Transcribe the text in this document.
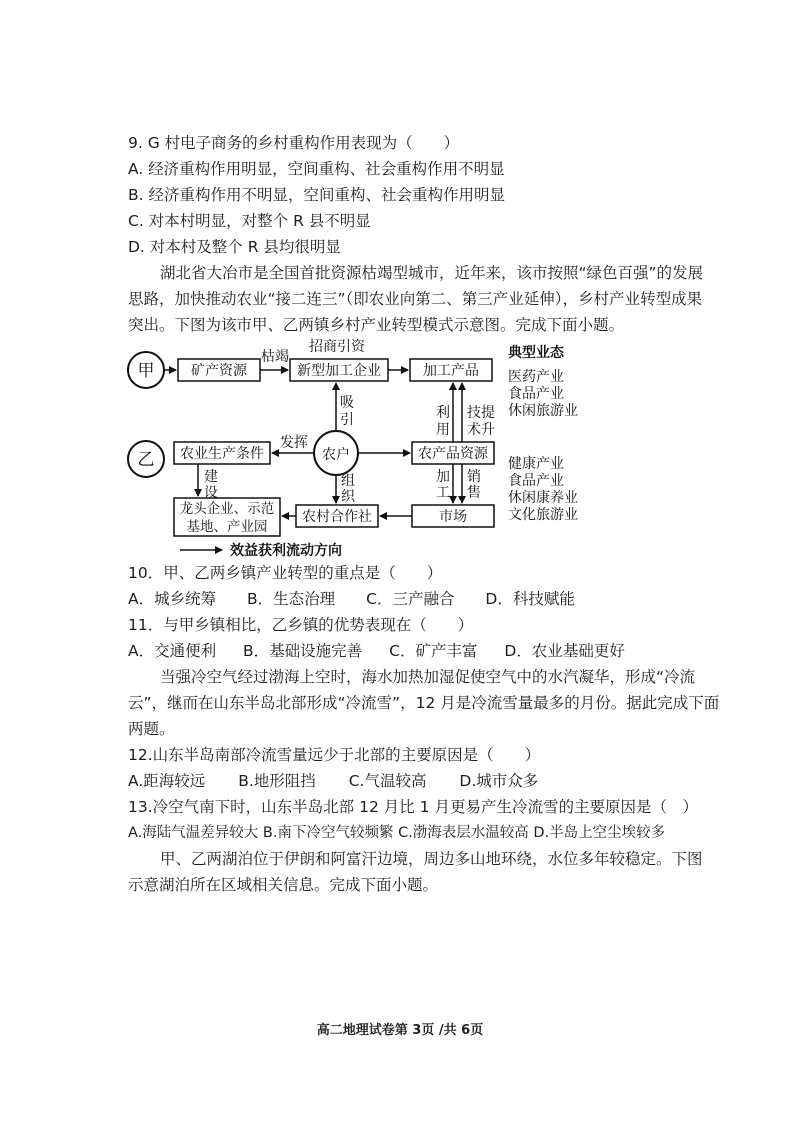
9. G 村电子商务的乡村重构作用表现为（　　）
A. 经济重构作用明显，空间重构、社会重构作用不明显
B. 经济重构作用不明显，空间重构、社会重构作用明显
C. 对本村明显，对整个 R 县不明显
D. 对本村及整个 R 县均很明显
湖北省大冶市是全国首批资源枯竭型城市，近年来，该市按照“绿色百强”的发展
思路，加快推动农业“接二连三”（即农业向第二、第三产业延伸），乡村产业转型成果
突出。下图为该市甲、乙两镇乡村产业转型模式示意图。完成下面小题。
甲
乙
矿产资源	新型加工企业	加工产品
农业生产条件	农户	农产品资源
龙头企业、示范
基地、产业园
农村合作社	市场
枯竭
招商引资
吸
引
发挥
利
用
技提
术升
建
设
组
织
加
工
销
售
典型业态
医药产业
食品产业
休闲旅游业
健康产业
食品产业
休闲康养业
文化旅游业
效益获利流动方向
10．甲、乙两乡镇产业转型的重点是（　　）
A．城乡统筹 B．生态治理 C．三产融合 D．科技赋能
11．与甲乡镇相比，乙乡镇的优势表现在（　　）
A．交通便利 B．基础设施完善 C．矿产丰富 D．农业基础更好
当强冷空气经过渤海上空时，海水加热加湿促使空气中的水汽凝华，形成“冷流
云”，继而在山东半岛北部形成“冷流雪”，12 月是冷流雪量最多的月份。据此完成下面
两题。
12.山东半岛南部冷流雪量远少于北部的主要原因是（　　）
A.距海较远 B.地形阻挡 C.气温较高 D.城市众多
13.冷空气南下时，山东半岛北部 12 月比 1 月更易产生冷流雪的主要原因是（　）
A.海陆气温差异较大 B.南下冷空气较频繁 C.渤海表层水温较高 D.半岛上空尘埃较多
甲、乙两湖泊位于伊朗和阿富汗边境，周边多山地环绕，水位多年较稳定。下图
示意湖泊所在区域相关信息。完成下面小题。
高二地理试卷第 3页 /共 6页
